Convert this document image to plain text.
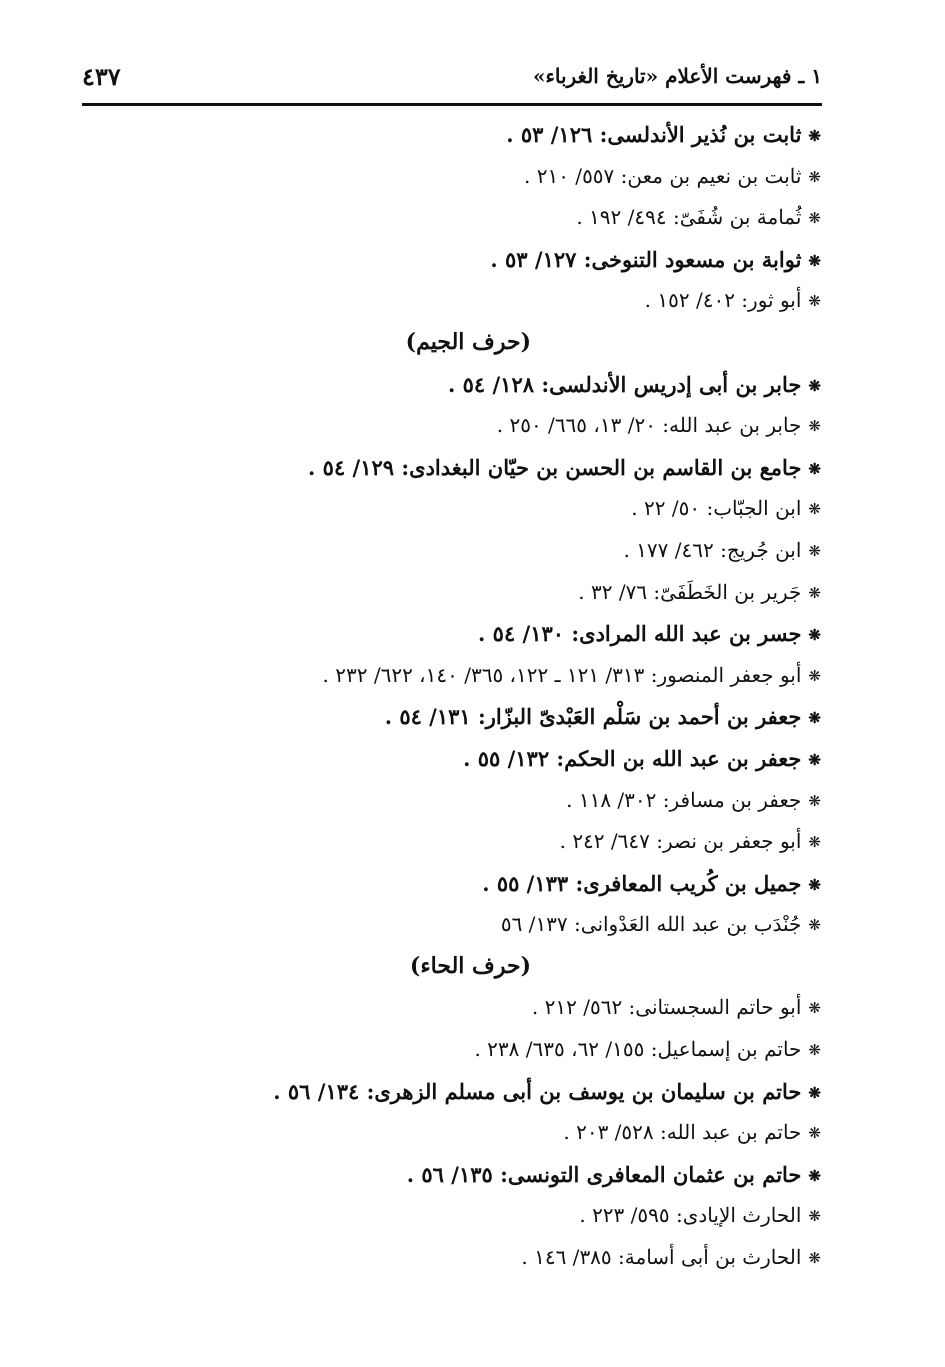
١ ـ فهرست الأعلام «تاريخ الغرباء»
٤٣٧
❋ثابت بن نُذير الأندلسى: ١٢٦/ ٥٣ .
❋ثابت بن نعيم بن معن: ٥٥٧/ ٢١٠ .
❋ثُمامة بن شُفَىّ: ٤٩٤/ ١٩٢ .
❋ثوابة بن مسعود التنوخى: ١٢٧/ ٥٣ .
❋أبو ثور: ٤٠٢/ ١٥٢ .
(حرف الجيم)
❋جابر بن أبى إدريس الأندلسى: ١٢٨/ ٥٤ .
❋جابر بن عبد الله: ٢٠/ ١٣، ٦٦٥/ ٢٥٠ .
❋جامع بن القاسم بن الحسن بن حيّان البغدادى: ١٢٩/ ٥٤ .
❋ابن الجبّاب: ٥٠/ ٢٢ .
❋ابن جُريج: ٤٦٢/ ١٧٧ .
❋جَرير بن الخَطَفَىّ: ٧٦/ ٣٢ .
❋جسر بن عبد الله المرادى: ١٣٠/ ٥٤ .
❋أبو جعفر المنصور: ٣١٣/ ١٢١ ـ ١٢٢، ٣٦٥/ ١٤٠، ٦٢٢/ ٢٣٢ .
❋جعفر بن أحمد بن سَلْم العَبْدىّ البزّار: ١٣١/ ٥٤ .
❋جعفر بن عبد الله بن الحكم: ١٣٢/ ٥٥ .
❋جعفر بن مسافر: ٣٠٢/ ١١٨ .
❋أبو جعفر بن نصر: ٦٤٧/ ٢٤٢ .
❋جميل بن كُريب المعافرى: ١٣٣/ ٥٥ .
❋جُنْدَب بن عبد الله العَدْوانى: ١٣٧/ ٥٦
(حرف الحاء)
❋أبو حاتم السجستانى: ٥٦٢/ ٢١٢ .
❋حاتم بن إسماعيل: ١٥٥/ ٦٢، ٦٣٥/ ٢٣٨ .
❋حاتم بن سليمان بن يوسف بن أبى مسلم الزهرى: ١٣٤/ ٥٦ .
❋حاتم بن عبد الله: ٥٢٨/ ٢٠٣ .
❋حاتم بن عثمان المعافرى التونسى: ١٣٥/ ٥٦ .
❋الحارث الإيادى: ٥٩٥/ ٢٢٣ .
❋الحارث بن أبى أسامة: ٣٨٥/ ١٤٦ .
